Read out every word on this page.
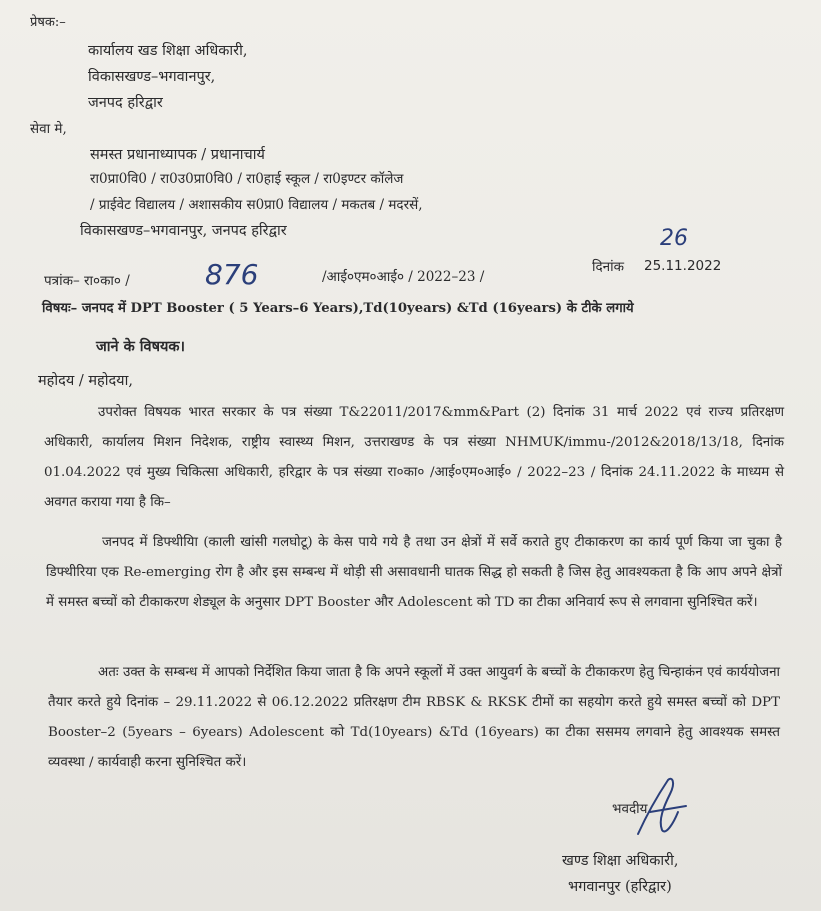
प्रेषक:–
कार्यालय खड शिक्षा अधिकारी,
विकासखण्ड–भगवानपुर,
जनपद हरिद्वार
सेवा मे,
समस्त प्रधानाध्यापक / प्रधानाचार्य
रा0प्रा0वि0 / रा0उ0प्रा0वि0 / रा0हाई स्कूल / रा0इण्टर कॉलेज
/ प्राईवेट विद्यालय / अशासकीय स0प्रा0 विद्यालय / मकतब / मदरसें,
विकासखण्ड–भगवानपुर, जनपद हरिद्वार
पत्रांक– रा०का० /	876	/आई०एम०आई० / 2022–23 /
26
दिनांक 25.11.2022
विषयः– जनपद में DPT Booster ( 5 Years–6 Years),Td(10years) &Td (16years) के टीके लगाये
जाने के विषयक।
महोदय / महोदया,
उपरोक्त विषयक भारत सरकार के पत्र संख्या T&22011/2017&mm&Part (2) दिनांक 31 मार्च 2022 एवं राज्य प्रतिरक्षण अधिकारी, कार्यालय मिशन निदेशक, राष्ट्रीय स्वास्थ्य मिशन, उत्तराखण्ड के पत्र संख्या NHMUK/immu-/2012&2018/13/18, दिनांक 01.04.2022 एवं मुख्य चिकित्सा अधिकारी, हरिद्वार के पत्र संख्या रा०का० /आई०एम०आई० / 2022–23 / दिनांक 24.11.2022 के माध्यम से अवगत कराया गया है कि–
जनपद में डिफ्थीयिा (काली खांसी गलघोटू) के केस पाये गये है तथा उन क्षेत्रों में सर्वे कराते हुए टीकाकरण का कार्य पूर्ण किया जा चुका है डिफ्थीरिया एक Re-emerging रोग है और इस सम्बन्ध में थोड़ी सी असावधानी घातक सिद्ध हो सकती है जिस हेतु आवश्यकता है कि आप अपने क्षेत्रों में समस्त बच्चों को टीकाकरण शेड्यूल के अनुसार DPT Booster और Adolescent को TD का टीका अनिवार्य रूप से लगवाना सुनिश्चित करें।
अतः उक्त के सम्बन्ध में आपको निर्देशित किया जाता है कि अपने स्कूलों में उक्त आयुवर्ग के बच्चों के टीकाकरण हेतु चिन्हाकंन एवं कार्ययोजना तैयार करते हुये दिनांक – 29.11.2022 से 06.12.2022 प्रतिरक्षण टीम RBSK & RKSK टीमों का सहयोग करते हुये समस्त बच्चों को DPT Booster–2 (5years – 6years) Adolescent को Td(10years) &Td (16years) का टीका ससमय लगवाने हेतु आवश्यक समस्त व्यवस्था / कार्यवाही करना सुनिश्चित करें।
भवदीय
खण्ड शिक्षा अधिकारी,
भगवानपुर (हरिद्वार)
